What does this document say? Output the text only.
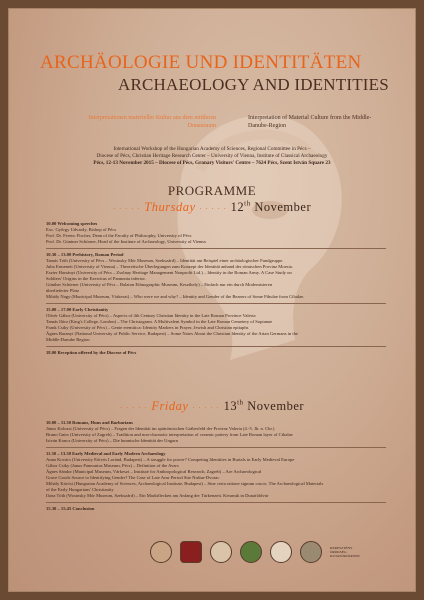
ARCHÄOLOGIE UND IDENTITÄTEN
ARCHAEOLOGY AND IDENTITIES
Interpretationen materieller Kultur aus dem mittleren Donauraum
Interpretation of Material Culture from the Middle-Danube-Region
International Workshop of the Hungarian Academy of Sciences, Regional Committee in Pécs –
Diocese of Pécs, Christian Heritage Research Center – University of Vienna, Institute of Classical Archaeology
Pécs, 12-13 November 2015 – Diocese of Pécs, Granary Visitors' Centre – 7624 Pécs, Szent István Square 23
PROGRAMME
· · · · · Thursday · · · · · 12th November
10.00 Welcoming speeches
Exc. Gyõrgy Udvardy, Bishop of Pécs
Prof. Dr. Ferenc Fischer, Dean of the Faculty of Philosophy, University of Pécs
Prof. Dr. Güntner Schörner, Head of the Institute of Archaeology, University of Vienna
10.30 – 13.00 Prehistory, Roman Period
Tamás Tóth (University of Pécs – Wosinsky Mór Museum, Szekszárd) – Identität am Beispiel einer archäologischer Fundgruppe.
Julia Ermeneti (University of Vienna) – Theoretische Überlegungen zum Konzept der Identität anhand der römischen Provinz Moesia.
Eszter Harsányi (University of Pécs – Zsolnay Heritage Management Nonprofit Ltd.) – Identity in the Roman Army. A Case Study on
Soldiers' Origins in the Exercitus of Pannonia inferior.
Günther Schörner (University of Pécs – Balaton Ethnographic Museum, Keszthely) – Einfach nur ein durch Modernisieren
überlieferter Platz
Mihály Nagy (Municipal Museum, Várkeszi) – Who were we and why? – Identity and Gender of the Bearers of Some Fibulae from Cibalae.
15.00 – 17.00 Early Christianity
Olivér Gábor (University of Pécs) – Aspects of 4th Century Christian Identity in the Late Roman Province Valeria
Tamás Ilácz (King's College, London) – The Christogram. A Multivalent Symbol in the Late Roman Cemetery of Sopianae
Frank Csiky (University of Pécs) – Gente eremitica: Identity Markers in Prayer, Jewish and Christian epitaphs
Ágnes Baranyi (National University of Public Service, Budapest) – Some Notes About the Christian Identity of the Arian Germans in the
Middle-Danube Region
18.00 Reception offered by the Diocese of Pécs
· · · · · Friday · · · · · 13th November
10.00 – 11.30 Romans, Huns and Barbarians
János Kolozsi (University of Pécs) – Fragen der Identität im spätrömischen Gräberfeld der Provinz Valeria (4.-5. Jh. n. Chr.)
Bruno Gnirs (University of Zagreb) – Tradition and non-chronotic interpretation of ceramic pottery from Late Roman layer of Cibalae
István Koncz (University of Pécs) – Die hunnische Identität der Ungarn
11.30 – 13.30 Early Medieval and Early Modern Archaeology
Anna Kovács (University Eötvös Loránd, Budapest) – A struggle for power? Competing Identities in Burials in Early Medieval Europe
Gábor Csiky (Janus Pannonius Museum, Pécs) – Definition of the Avars
Ágnes Sándor (Municipal Museum, Várkeszi – Institute for Anthropological Research, Zagreb) – Are Archaeological
Grave Goods Source to Identifying Gender? The Case of Late Avar Period Site Nuštar-Dvorac
Mihály Körösi (Hungarian Academy of Sciences, Archaeological Institute, Budapest) – Sine certa ratione signum crucis. The Archaeological Materials
of the Early Hungarians' Christianity
Ilona Tóth (Wosinsky Mór Museum, Szekszárd) – Ein Marktflecken am Anfang der Türkenzeit. Keramik in Dunaföldvár
15.30 – 15.45 Conclusion
KERESZTÉNY ÖRÖKSÉG KUTATÓKÖZPONT
